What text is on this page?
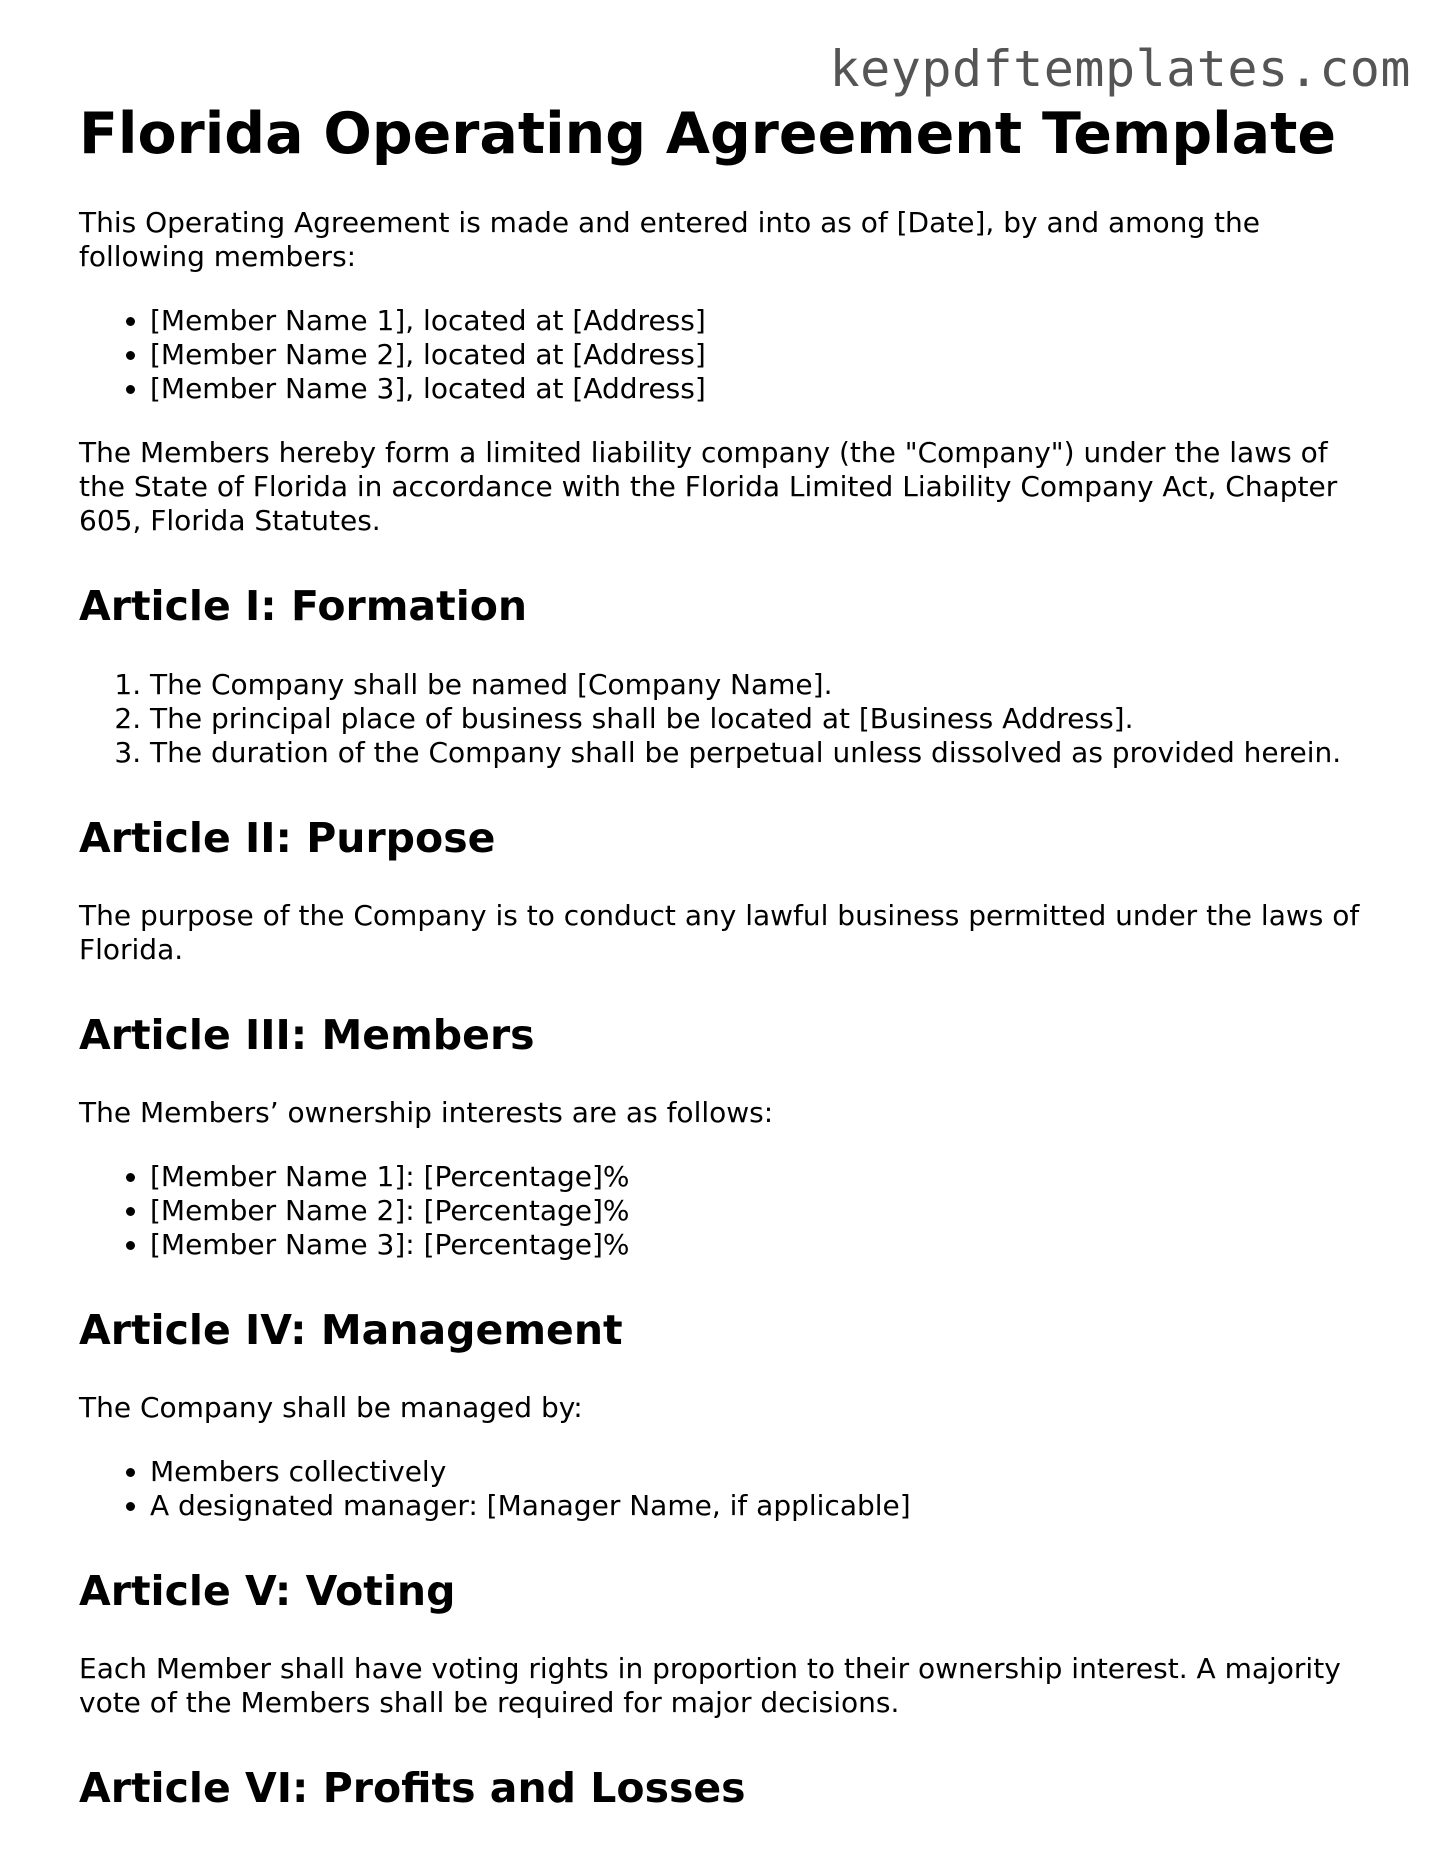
keypdftemplates.com
Florida Operating Agreement Template

This Operating Agreement is made and entered into as of [Date], by and among the following members:

• [Member Name 1], located at [Address]
• [Member Name 2], located at [Address]
• [Member Name 3], located at [Address]

The Members hereby form a limited liability company (the "Company") under the laws of the State of Florida in accordance with the Florida Limited Liability Company Act, Chapter 605, Florida Statutes.

Article I: Formation
1. The Company shall be named [Company Name].
2. The principal place of business shall be located at [Business Address].
3. The duration of the Company shall be perpetual unless dissolved as provided herein.
Article II: Purpose

The purpose of the Company is to conduct any lawful business permitted under the laws of Florida.

Article III: Members

The Members’ ownership interests are as follows:

• [Member Name 1]: [Percentage]%
• [Member Name 2]: [Percentage]%
• [Member Name 3]: [Percentage]%
Article IV: Management

The Company shall be managed by:

• Members collectively
• A designated manager: [Manager Name, if applicable]
Article V: Voting

Each Member shall have voting rights in proportion to their ownership interest. A majority vote of the Members shall be required for major decisions.

Article VI: Profits and Losses
